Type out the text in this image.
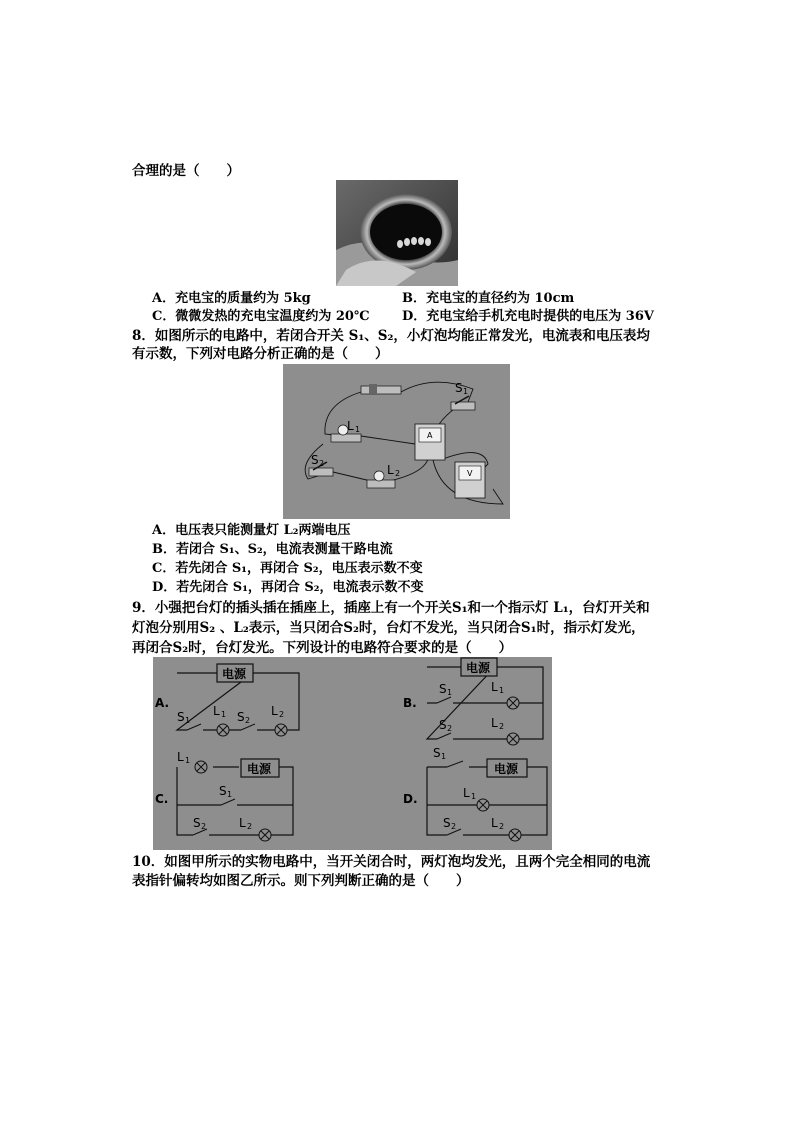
合理的是（　　）
A．充电宝的质量约为 5kg	B．充电宝的直径约为 10cm
C．微微发热的充电宝温度约为 20℃ D．充电宝给手机充电时提供的电压为 36V
8．如图所示的电路中，若闭合开关 S₁、S₂，小灯泡均能正常发光，电流表和电压表均
有示数，下列对电路分析正确的是（　　）
S 1
L 1
A
S 2	L 2	V
A．电压表只能测量灯 L₂两端电压
B．若闭合 S₁、S₂，电流表测量干路电流
C．若先闭合 S₁，再闭合 S₂，电压表示数不变
D．若先闭合 S₁，再闭合 S₂，电流表示数不变
9．小强把台灯的插头插在插座上，插座上有一个开关S₁和一个指示灯 L₁，台灯开关和
灯泡分别用S₂ 、L₂表示，当只闭合S₂时，台灯不发光，当只闭合S₁时，指示灯发光，
再闭合S₂时，台灯发光。下列设计的电路符合要求的是（　　）
电源	电源
电源	电源
A.	B.
C.	D.
S 1
L 1 S 2
L 2
S 1	L 1
S 2	L 2
L 1
S 1
S 2	L 2
S 1
L 1
S 2	L 2
10．如图甲所示的实物电路中，当开关闭合时，两灯泡均发光，且两个完全相同的电流
表指针偏转均如图乙所示。则下列判断正确的是（　　）
